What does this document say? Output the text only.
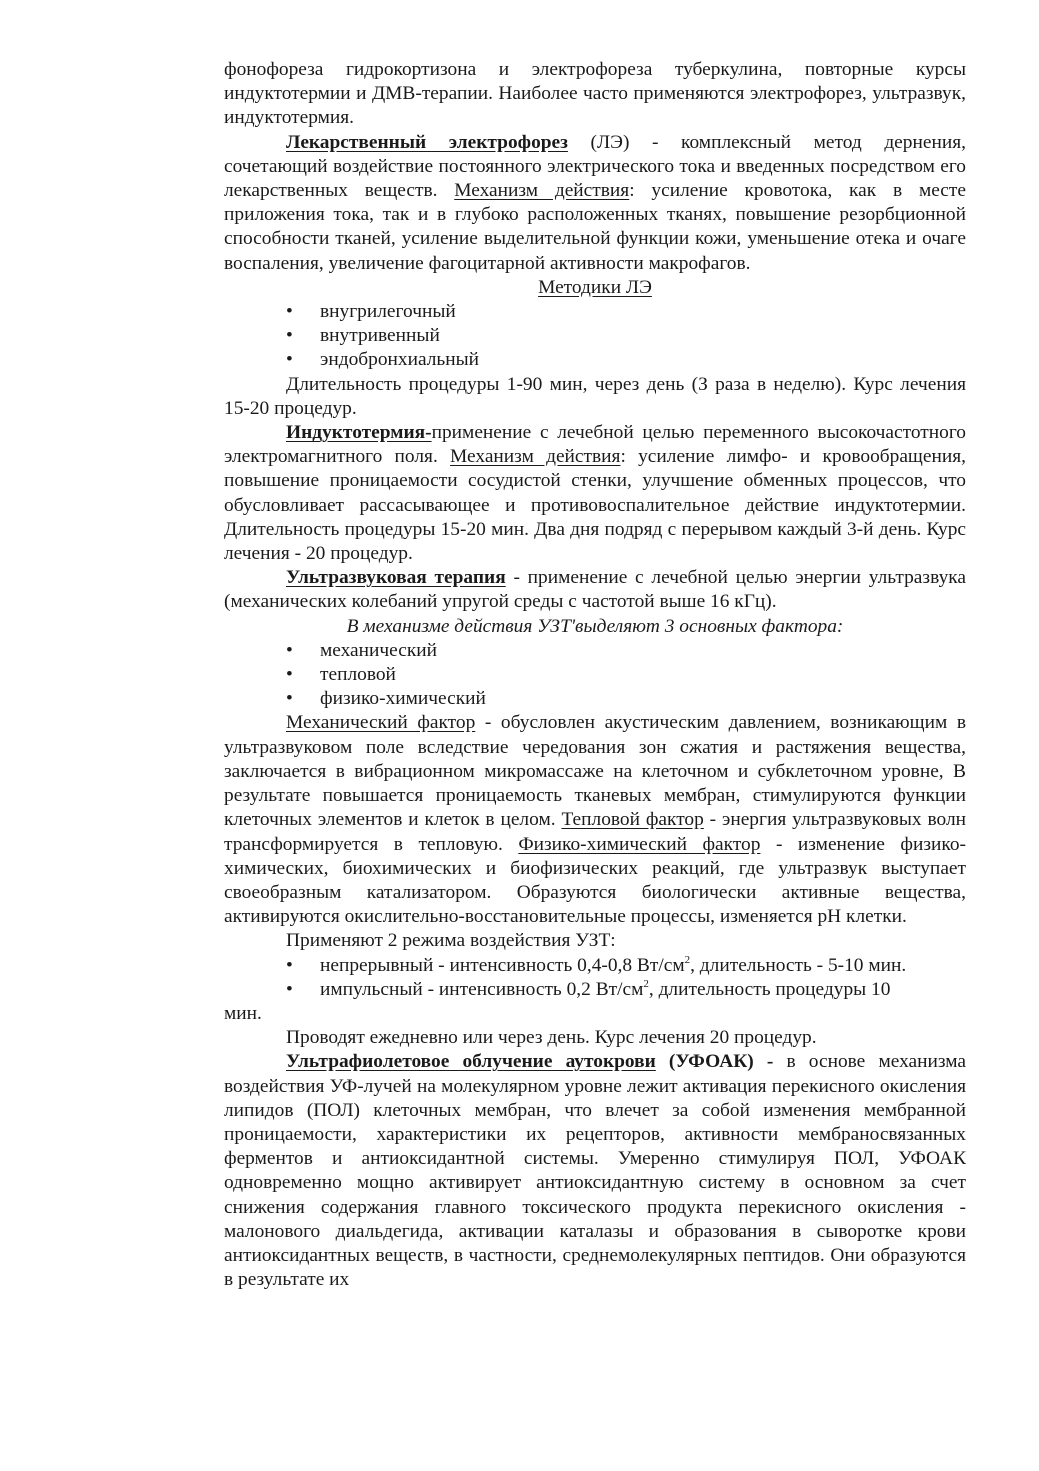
фонофореза гидрокортизона и электрофореза туберкулина, повторные курсы индуктотермии и ДМВ-терапии. Наиболее часто применяются электрофорез, ультразвук, индуктотермия.

Лекарственный электрофорез (ЛЭ) - комплексный метод дернения, сочетающий воздействие постоянного электрического тока и введенных посредством его лекарственных веществ. Механизм действия: усиление кровотока, как в месте приложения тока, так и в глубоко расположенных тканях, повышение резорбционной способности тканей, усиление выделительной функции кожи, уменьшение отека и очаге воспаления, увеличение фагоцитарной активности макрофагов.

Методики ЛЭ

• внугрилегочный
• внутривенный
• эндобронхиальный

Длительность процедуры 1-90 мин, через день (З раза в неделю). Курс лечения 15-20 процедур.

Индуктотермия-применение с лечебной целью переменного высокочастотного электромагнитного поля. Механизм действия: усиление лимфо- и кровообращения, повышение проницаемости сосудистой стенки, улучшение обменных процессов, что обусловливает рассасывающее и противовоспалительное действие индуктотермии. Длительность процедуры 15-20 мин. Два дня подряд с перерывом каждый 3-й день. Курс лечения - 20 процедур.

Ультразвуковая терапия - применение с лечебной целью энергии ультразвука (механических колебаний упругой среды с частотой выше 16 кГц).

В механизме действия УЗТ'выделяют 3 основных фактора:

• механический
• тепловой
• физико-химический

Механический фактор - обусловлен акустическим давлением, возникающим в ультразвуковом поле вследствие чередования зон сжатия и растяжения вещества, заключается в вибрационном микромассаже на клеточном и субклеточном уровне, В результате повышается проницаемость тканевых мембран, стимулируются функции клеточных элементов и клеток в целом. Тепловой фактор - энергия ультразвуковых волн трансформируется в тепловую. Физико-химический фактор - изменение физико-химических, биохимических и биофизических реакций, где ультразвук выступает своеобразным катализатором. Образуются биологически активные вещества, активируются окислительно-восстановительные процессы, изменяется pH клетки.

Применяют 2 режима воздействия УЗТ:

• непрерывный - интенсивность 0,4-0,8 $Вт/см^2$, длительность - 5-10 мин.
• импульсный - интенсивность 0,2 $Вт/см^2$, длительность процедуры 10

мин.

Проводят ежедневно или через день. Курс лечения 20 процедур.

Ультрафиолетовое облучение аутокрови (УФОАК) - в основе механизма воздействия УФ-лучей на молекулярном уровне лежит активация перекисного окисления липидов (ПОЛ) клеточных мембран, что влечет за собой изменения мембранной проницаемости, характеристики их рецепторов, активности мембраносвязанных ферментов и антиоксидантной системы. Умеренно стимулируя ПОЛ, УФОАК одновременно мощно активирует антиоксидантную систему в основном за счет снижения содержания главного токсического продукта перекисного окисления - малонового диальдегида, активации каталазы и образования в сыворотке крови антиоксидантных веществ, в частности, среднемолекулярных пептидов. Они образуются в результате их
